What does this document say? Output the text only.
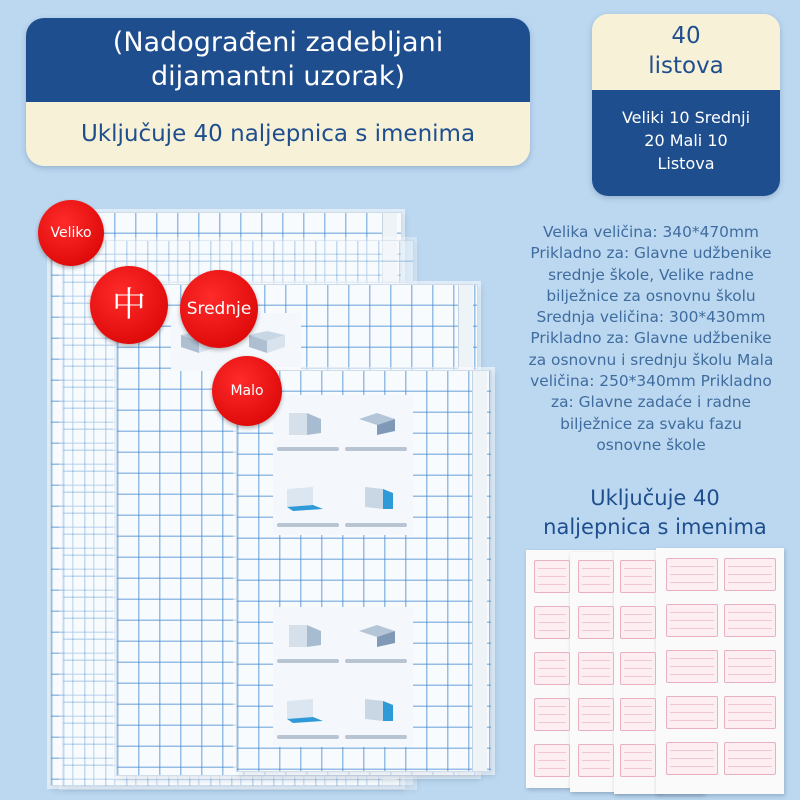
(Nadograđeni zadebljani
dijamantni uzorak)
Uključuje 40 naljepnica s imenima
40
listova
Veliki 10 Srednji
20 Mali 10
Listova
Veliko
中	Srednje
Malo
Velika veličina: 340*470mm
Prikladno za: Glavne udžbenike
srednje škole, Velike radne
bilježnice za osnovnu školu
Srednja veličina: 300*430mm
Prikladno za: Glavne udžbenike
za osnovnu i srednju školu Mala
veličina: 250*340mm Prikladno
za: Glavne zadaće i radne
bilježnice za svaku fazu
osnovne škole
Uključuje 40
naljepnica s imenima
